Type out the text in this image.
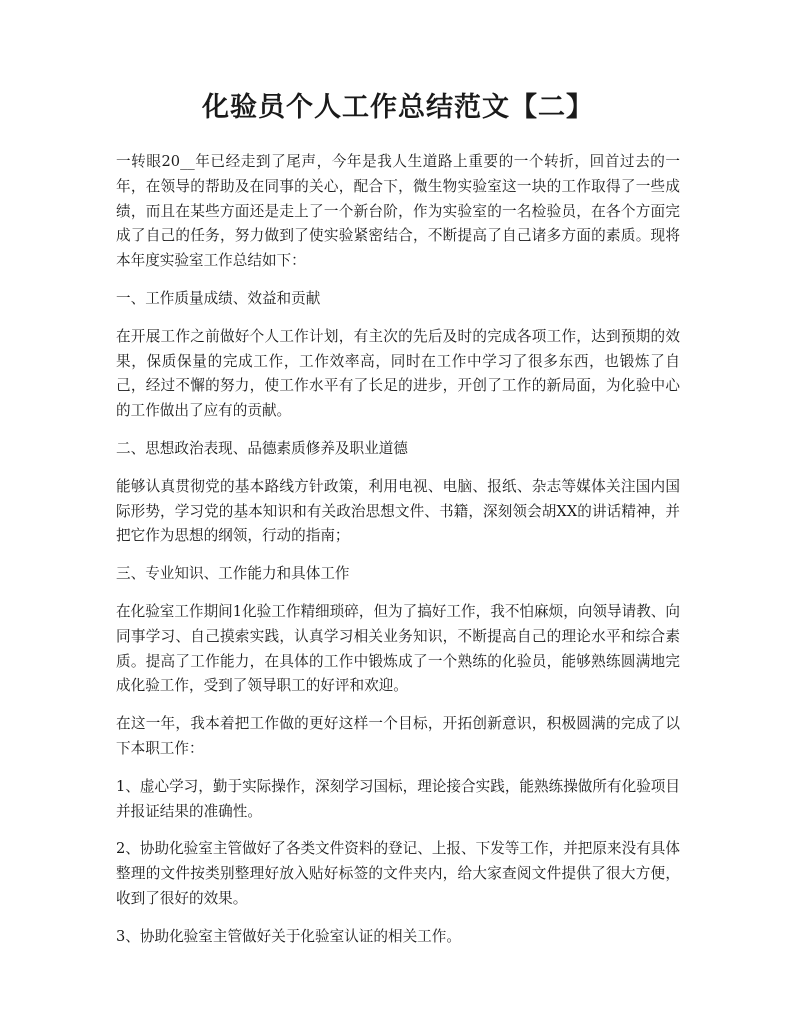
化验员个人工作总结范文【二】

一转眼20__年已经走到了尾声，今年是我人生道路上重要的一个转折，回首过去的一年，在领导的帮助及在同事的关心，配合下，微生物实验室这一块的工作取得了一些成绩，而且在某些方面还是走上了一个新台阶，作为实验室的一名检验员，在各个方面完成了自己的任务，努力做到了使实验紧密结合，不断提高了自己诸多方面的素质。现将本年度实验室工作总结如下：

一、工作质量成绩、效益和贡献

在开展工作之前做好个人工作计划，有主次的先后及时的完成各项工作，达到预期的效果，保质保量的完成工作，工作效率高，同时在工作中学习了很多东西，也锻炼了自己，经过不懈的努力，使工作水平有了长足的进步，开创了工作的新局面，为化验中心的工作做出了应有的贡献。

二、思想政治表现、品德素质修养及职业道德

能够认真贯彻党的基本路线方针政策，利用电视、电脑、报纸、杂志等媒体关注国内国际形势，学习党的基本知识和有关政治思想文件、书籍，深刻领会胡XX的讲话精神，并把它作为思想的纲领，行动的指南；

三、专业知识、工作能力和具体工作

在化验室工作期间1化验工作精细琐碎，但为了搞好工作，我不怕麻烦，向领导请教、向同事学习、自己摸索实践，认真学习相关业务知识，不断提高自己的理论水平和综合素质。提高了工作能力，在具体的工作中锻炼成了一个熟练的化验员，能够熟练圆满地完成化验工作，受到了领导职工的好评和欢迎。

在这一年，我本着把工作做的更好这样一个目标，开拓创新意识，积极圆满的完成了以下本职工作：

1、虚心学习，勤于实际操作，深刻学习国标，理论接合实践，能熟练操做所有化验项目并报证结果的准确性。

2、协助化验室主管做好了各类文件资料的登记、上报、下发等工作，并把原来没有具体整理的文件按类别整理好放入贴好标签的文件夹内，给大家查阅文件提供了很大方便，收到了很好的效果。

3、协助化验室主管做好关于化验室认证的相关工作。
